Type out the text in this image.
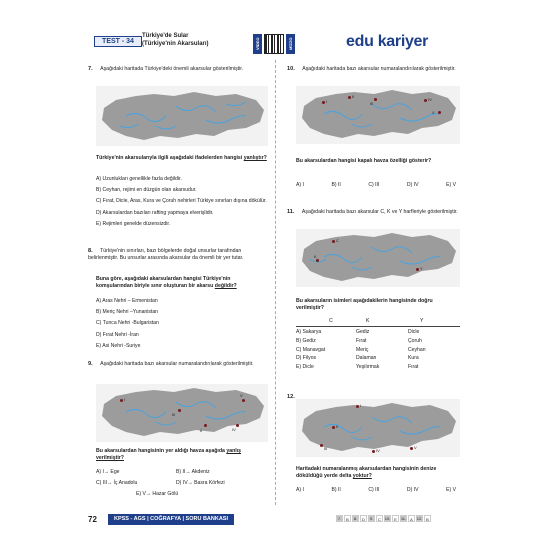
TEST - 34
Türkiye'de Sular
(Türkiye'nin Akarsuları)	VİDEO	MİZZO	edu kariyer
7. Aşağıdaki haritada Türkiye'deki önemli akarsular gösterilmiştir.
Türkiye'nin akarsularıyla ilgili aşağıdaki ifadelerden hangisi yanlıştır?
A) Uzunlukları genellikle fazla değildir.
B) Ceyhan, rejimi en düzgün olan akarsudur.
C) Fırat, Dicle, Aras, Kura ve Çoruh nehirleri Türkiye sınırları dışına dökülür.
D) Akarsulardan bazıları rafting yapmaya elverişlidir.
E) Rejimleri genelde düzensizdir.
8. Türkiye'nin sınırları, bazı bölgelerde doğal unsurlar tarafından belirlenmiştir. Bu unsurlar arasında akarsular da önemli bir yer tutar.
Buna göre, aşağıdaki akarsulardan hangisi Türkiye'nin komşularından biriyle sınır oluşturan bir akarsu değildir?
A) Aras Nehri – Ermenistan
B) Meriç Nehri –Yunanistan
C) Tunca Nehri -Bulgaristan
D) Fırat Nehri -İran
E) Asi Nehri -Suriye
9. Aşağıdaki haritada bazı akarsular numaralandırılarak gösterilmiştir.
I
II
III
IV
V
Bu akarsulardan hangisinin yer aldığı havza aşağıda yanlış verilmiştir?
A) I→ Ege	B) II→ Akdeniz
C) III→ İç Anadolu	D) IV→ Basra Körfezi
E) V→ Hazar Gölü
10. Aşağıdaki haritada bazı akarsular numaralandırılarak gösterilmiştir.
I
II
III
IV
V
Bu akarsulardan hangisi kapalı havza özelliği gösterir?
A) I	B) II	C) III	D) IV	E) V
11. Aşağıdaki haritada bazı akarsular C, K ve Y harfleriyle gösterilmiştir.
C
K
Y
Bu akarsuların isimleri aşağıdakilerin hangisinde doğru verilmiştir?
C	K	Y
A) Sakarya	Gediz	Dicle
B) Gediz	Fırat	Çoruh
C) Manavgat	Meriç	Ceyhan
D) Filyos	Dalaman	Kura
E) Dicle	Yeşilırmak	Fırat
12.
I
II
III	IV
V
Haritadaki numaralanmış akarsulardan hangisinin denize döküldüğü yerde delta yoktur?
A) I	B) II	C) III	D) IV	E) V
72	KPSS - AGS | COĞRAFYA | SORU BANKASI	7.	B	8.	D	9.	C 10. E	11.	A 12. B
